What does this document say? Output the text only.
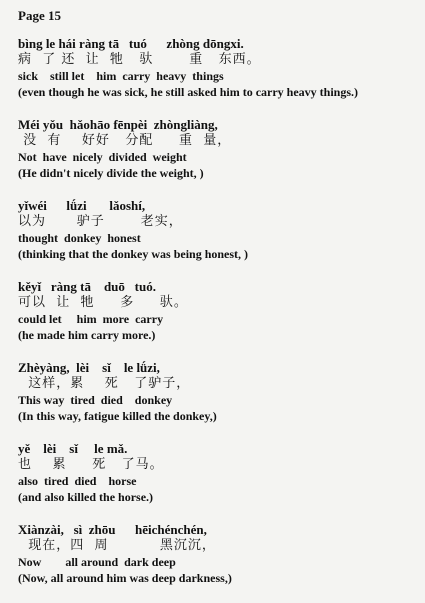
Page 15
bìng le hái ràng tā   tuó      zhòng dōngxi.
病  了 还  让  牠   驮       重   东西。
sick    still let    him  carry  heavy  things
(even though he was sick, he still asked him to carry heavy things.)
Méi yǒu  hǎohāo fēnpèi  zhòngliàng,
没  有    好好   分配     重  量，
Not  have  nicely  divided  weight
(He didn't nicely divide the weight, )
yǐwéi      lǘzi       lǎoshí,
以为      驴子       老实，
thought  donkey  honest
(thinking that the donkey was being honest, )
kěyǐ   ràng tā    duō   tuó.
可以  让  牠     多     驮。
could let     him  more  carry
(he made him carry more.)
Zhèyàng,  lèi    sǐ    le lǘzi,
这样，累    死   了驴子，
This way  tired  died    donkey
(In this way, fatigue killed the donkey,)
yě    lèi    sǐ     le mǎ.
也    累     死   了马。
also  tired  died    horse
(and also killed the horse.)
Xiànzài,   sì  zhōu      hēichénchén,
现在，四  周          黑沉沉，
Now        all around  dark deep
(Now, all around him was deep darkness,)
